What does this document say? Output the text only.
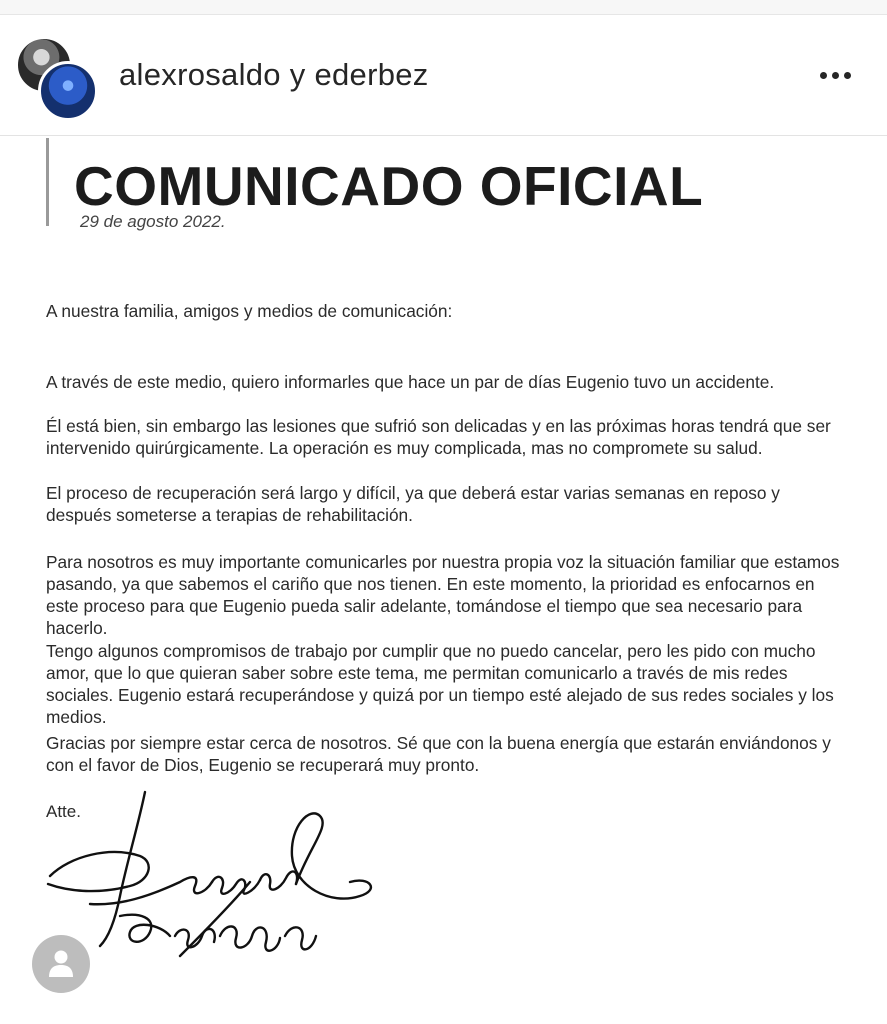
alexrosaldo y ederbez
COMUNICADO OFICIAL
29 de agosto 2022.

A nuestra familia, amigos y medios de comunicación:

A través de este medio, quiero informarles que hace un par de días Eugenio tuvo un accidente.

Él está bien, sin embargo las lesiones que sufrió son delicadas y en las próximas horas tendrá que ser intervenido quirúrgicamente. La operación es muy complicada, mas no compromete su salud.

El proceso de recuperación será largo y difícil, ya que deberá estar varias semanas en reposo y después someterse a terapias de rehabilitación.

Para nosotros es muy importante comunicarles por nuestra propia voz la situación familiar que estamos pasando, ya que sabemos el cariño que nos tienen. En este momento, la prioridad es enfocarnos en este proceso para que Eugenio pueda salir adelante, tomándose el tiempo que sea necesario para hacerlo.

Tengo algunos compromisos de trabajo por cumplir que no puedo cancelar, pero les pido con mucho amor, que lo que quieran saber sobre este tema, me permitan comunicarlo a través de mis redes sociales. Eugenio estará recuperándose y quizá por un tiempo esté alejado de sus redes sociales y los medios.

Gracias por siempre estar cerca de nosotros. Sé que con la buena energía que estarán enviándonos y con el favor de Dios, Eugenio se recuperará muy pronto.

Atte.
